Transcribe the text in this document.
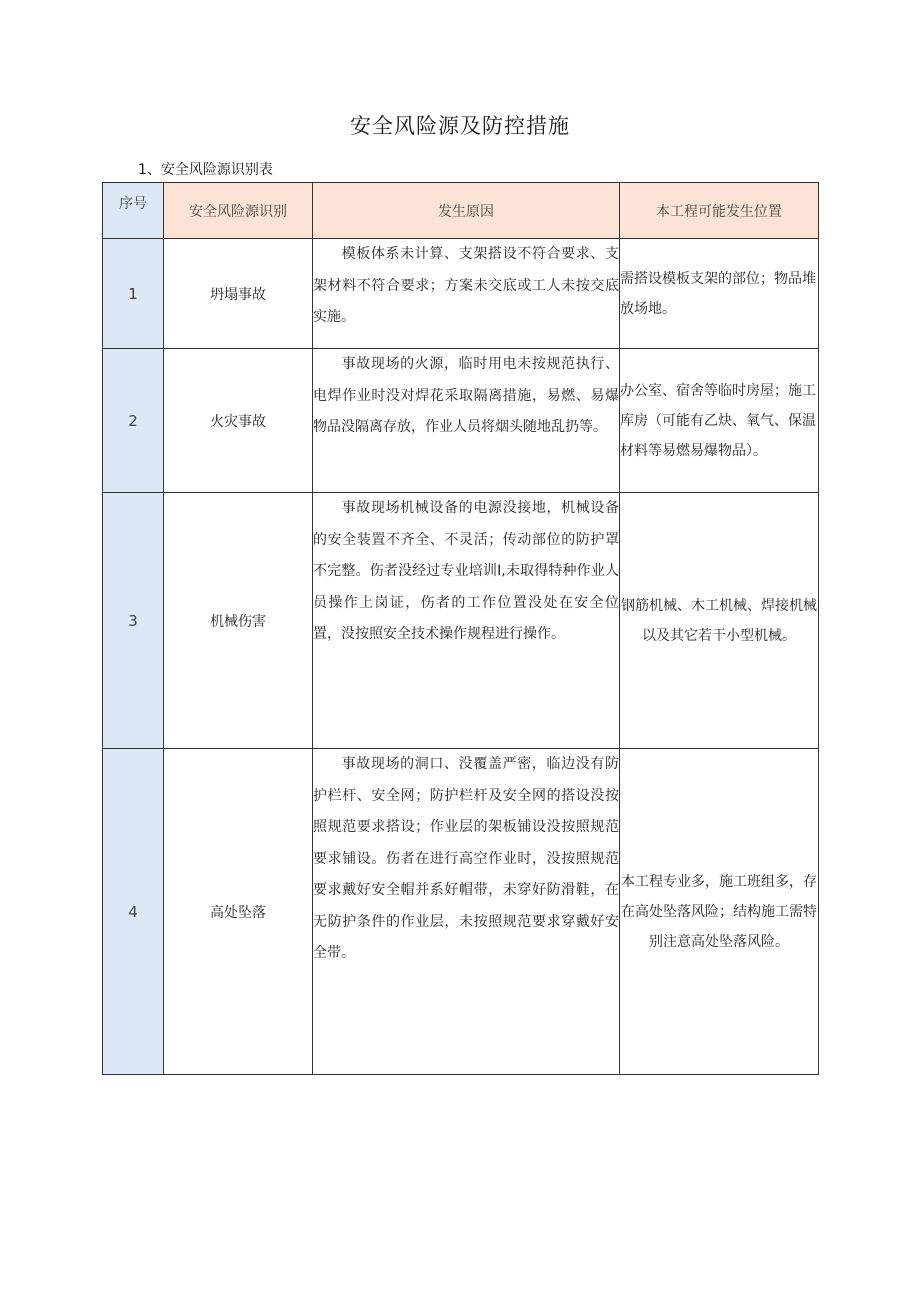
安全风险源及防控措施
1、安全风险源识别表
序号	安全风险源识别	发生原因	本工程可能发生位置
1	坍塌事故	模板体系未计算、支架搭设不符合要求、支架材料不符合要求；方案未交底或工人未按交底实施。	需搭设模板支架的部位；物品堆放场地。
2	火灾事故	事故现场的火源，临时用电未按规范执行、电焊作业时没对焊花采取隔离措施，易燃、易爆物品没隔离存放，作业人员将烟头随地乱扔等。	办公室、宿舍等临时房屋；施工库房（可能有乙炔、氧气、保温材料等易燃易爆物品）。
3	机械伤害	事故现场机械设备的电源没接地，机械设备的安全装置不齐全、不灵活；传动部位的防护罩不完整。伤者没经过专业培训I,未取得特种作业人员操作上岗证，伤者的工作位置没处在安全位置，没按照安全技术操作规程进行操作。	钢筋机械、木工机械、焊接机械以及其它若干小型机械。
4	高处坠落	事故现场的洞口、没覆盖严密，临边没有防护栏杆、安全网；防护栏杆及安全网的搭设没按照规范要求搭设；作业层的架板铺设没按照规范要求铺设。伤者在进行高空作业时，没按照规范要求戴好安全帽并系好帽带，未穿好防滑鞋，在无防护条件的作业层，未按照规范要求穿戴好安全带。	本工程专业多，施工班组多，存在高处坠落风险；结构施工需特别注意高处坠落风险。
